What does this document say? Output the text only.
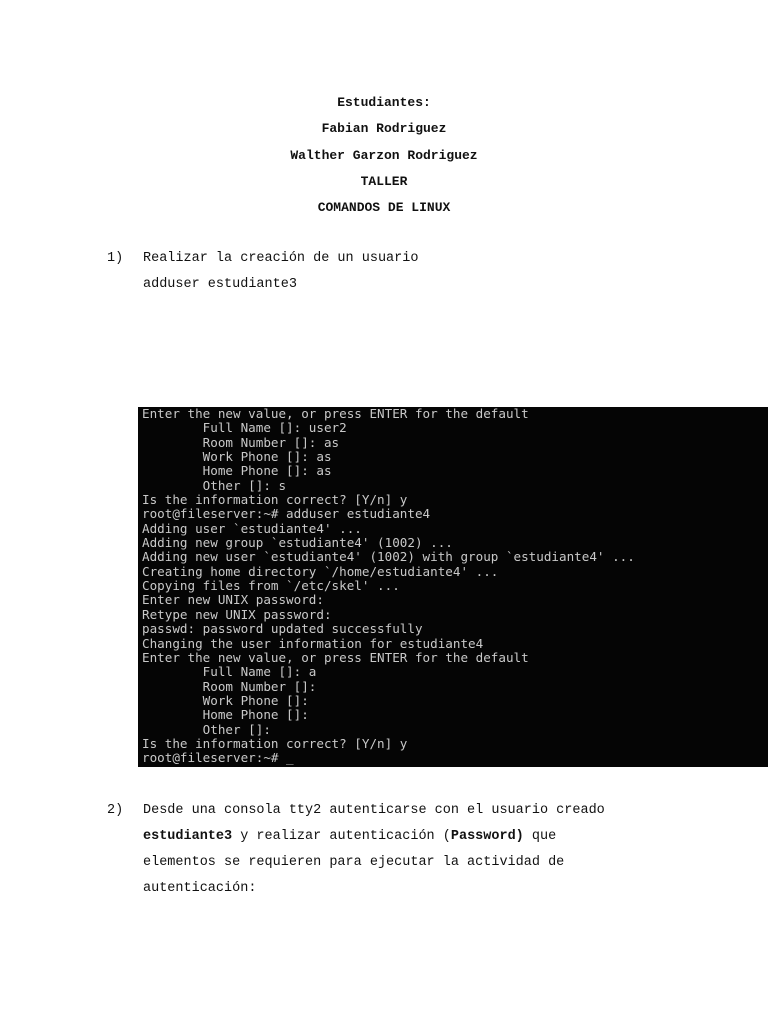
Estudiantes:
Fabian Rodriguez
Walther Garzon Rodriguez
TALLER
COMANDOS DE LINUX
1) Realizar la creación de un usuario
adduser estudiante3
Enter the new value, or press ENTER for the default
Full Name []: user2
Room Number []: as
Work Phone []: as
Home Phone []: as
Other []: s
Is the information correct? [Y/n] y
root@fileserver:~# adduser estudiante4
Adding user `estudiante4' ...
Adding new group `estudiante4' (1002) ...
Adding new user `estudiante4' (1002) with group `estudiante4' ...
Creating home directory `/home/estudiante4' ...
Copying files from `/etc/skel' ...
Enter new UNIX password:
Retype new UNIX password:
passwd: password updated successfully
Changing the user information for estudiante4
Enter the new value, or press ENTER for the default
Full Name []: a
Room Number []:
Work Phone []:
Home Phone []:
Other []:
Is the information correct? [Y/n] y
root@fileserver:~# _

2) Desde una consola tty2 autenticarse con el usuario creado
estudiante3 y realizar autenticación (Password) que
elementos se requieren para ejecutar la actividad de
autenticación:
